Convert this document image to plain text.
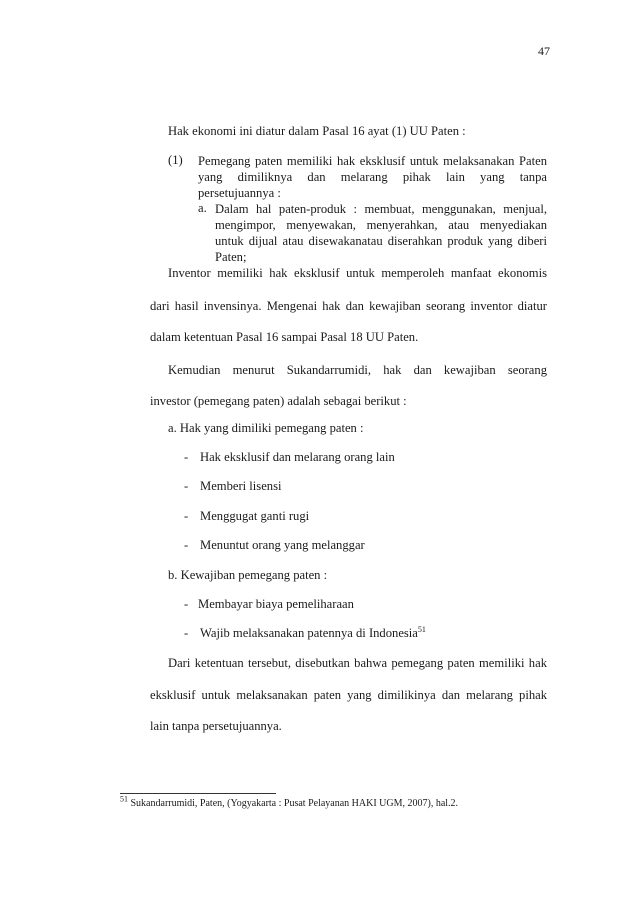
47
Hak ekonomi ini diatur dalam Pasal 16 ayat (1) UU Paten :
(1) Pemegang paten memiliki hak eksklusif untuk melaksanakan Paten
yang dimiliknya dan melarang pihak lain yang tanpa
persetujuannya :
a. Dalam hal paten-produk : membuat, menggunakan, menjual,
mengimpor, menyewakan, menyerahkan, atau menyediakan
untuk dijual atau disewakanatau diserahkan produk yang diberi
Paten;
Inventor memiliki hak eksklusif untuk memperoleh manfaat ekonomis
dari hasil invensinya. Mengenai hak dan kewajiban seorang inventor diatur
dalam ketentuan Pasal 16 sampai Pasal 18 UU Paten.
Kemudian menurut Sukandarrumidi, hak dan kewajiban seorang
investor (pemegang paten) adalah sebagai berikut :
a. Hak yang dimiliki pemegang paten :
- Hak eksklusif dan melarang orang lain
- Memberi lisensi
- Menggugat ganti rugi
- Menuntut orang yang melanggar
b. Kewajiban pemegang paten :
- Membayar biaya pemeliharaan
- Wajib melaksanakan patennya di Indonesia$^{51}$
Dari ketentuan tersebut, disebutkan bahwa pemegang paten memiliki hak
eksklusif untuk melaksanakan paten yang dimilikinya dan melarang pihak
lain tanpa persetujuannya.
$^{51}$ Sukandarrumidi, Paten, (Yogyakarta : Pusat Pelayanan HAKI UGM, 2007), hal.2.
